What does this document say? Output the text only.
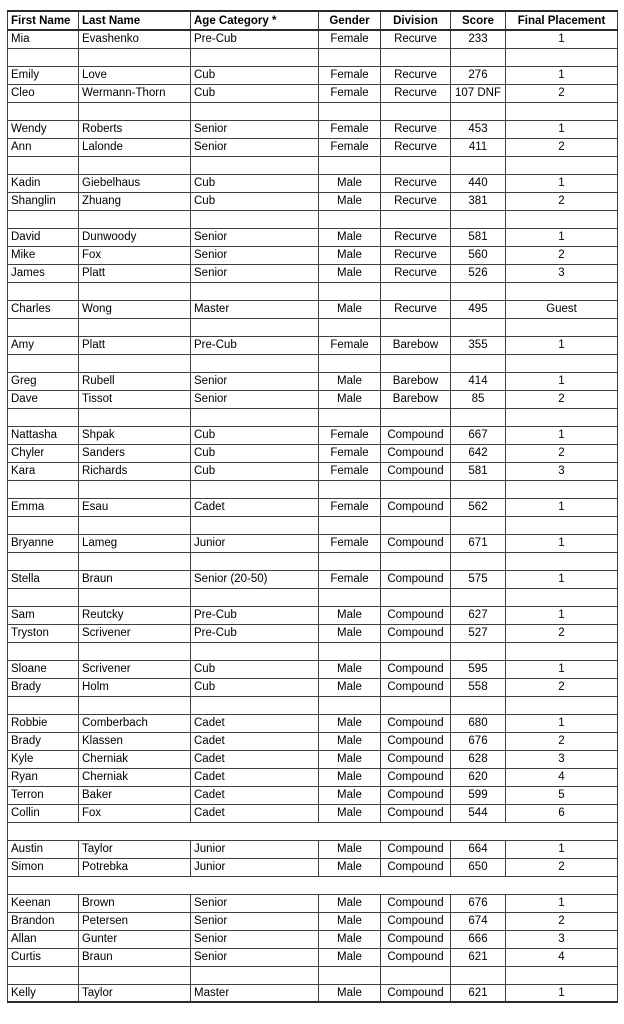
First Name	Last Name	Age Category *	Gender	Division	Score	Final Placement
Mia	Evashenko	Pre-Cub	Female	Recurve	233	1

Emily	Love	Cub	Female	Recurve	276	1
Cleo	Wermann-Thorn	Cub	Female	Recurve	107 DNF	2

Wendy	Roberts	Senior	Female	Recurve	453	1
Ann	Lalonde	Senior	Female	Recurve	411	2

Kadin	Giebelhaus	Cub	Male	Recurve	440	1
Shanglin	Zhuang	Cub	Male	Recurve	381	2

David	Dunwoody	Senior	Male	Recurve	581	1
Mike	Fox	Senior	Male	Recurve	560	2
James	Platt	Senior	Male	Recurve	526	3

Charles	Wong	Master	Male	Recurve	495	Guest

Amy	Platt	Pre-Cub	Female	Barebow	355	1

Greg	Rubell	Senior	Male	Barebow	414	1
Dave	Tissot	Senior	Male	Barebow	85	2

Nattasha	Shpak	Cub	Female	Compound	667	1
Chyler	Sanders	Cub	Female	Compound	642	2
Kara	Richards	Cub	Female	Compound	581	3

Emma	Esau	Cadet	Female	Compound	562	1

Bryanne	Lameg	Junior	Female	Compound	671	1

Stella	Braun	Senior (20-50)	Female	Compound	575	1

Sam	Reutcky	Pre-Cub	Male	Compound	627	1
Tryston	Scrivener	Pre-Cub	Male	Compound	527	2

Sloane	Scrivener	Cub	Male	Compound	595	1
Brady	Holm	Cub	Male	Compound	558	2

Robbie	Comberbach	Cadet	Male	Compound	680	1
Brady	Klassen	Cadet	Male	Compound	676	2
Kyle	Cherniak	Cadet	Male	Compound	628	3
Ryan	Cherniak	Cadet	Male	Compound	620	4
Terron	Baker	Cadet	Male	Compound	599	5
Collin	Fox	Cadet	Male	Compound	544	6

Austin	Taylor	Junior	Male	Compound	664	1
Simon	Potrebka	Junior	Male	Compound	650	2

Keenan	Brown	Senior	Male	Compound	676	1
Brandon	Petersen	Senior	Male	Compound	674	2
Allan	Gunter	Senior	Male	Compound	666	3
Curtis	Braun	Senior	Male	Compound	621	4

Kelly	Taylor	Master	Male	Compound	621	1
